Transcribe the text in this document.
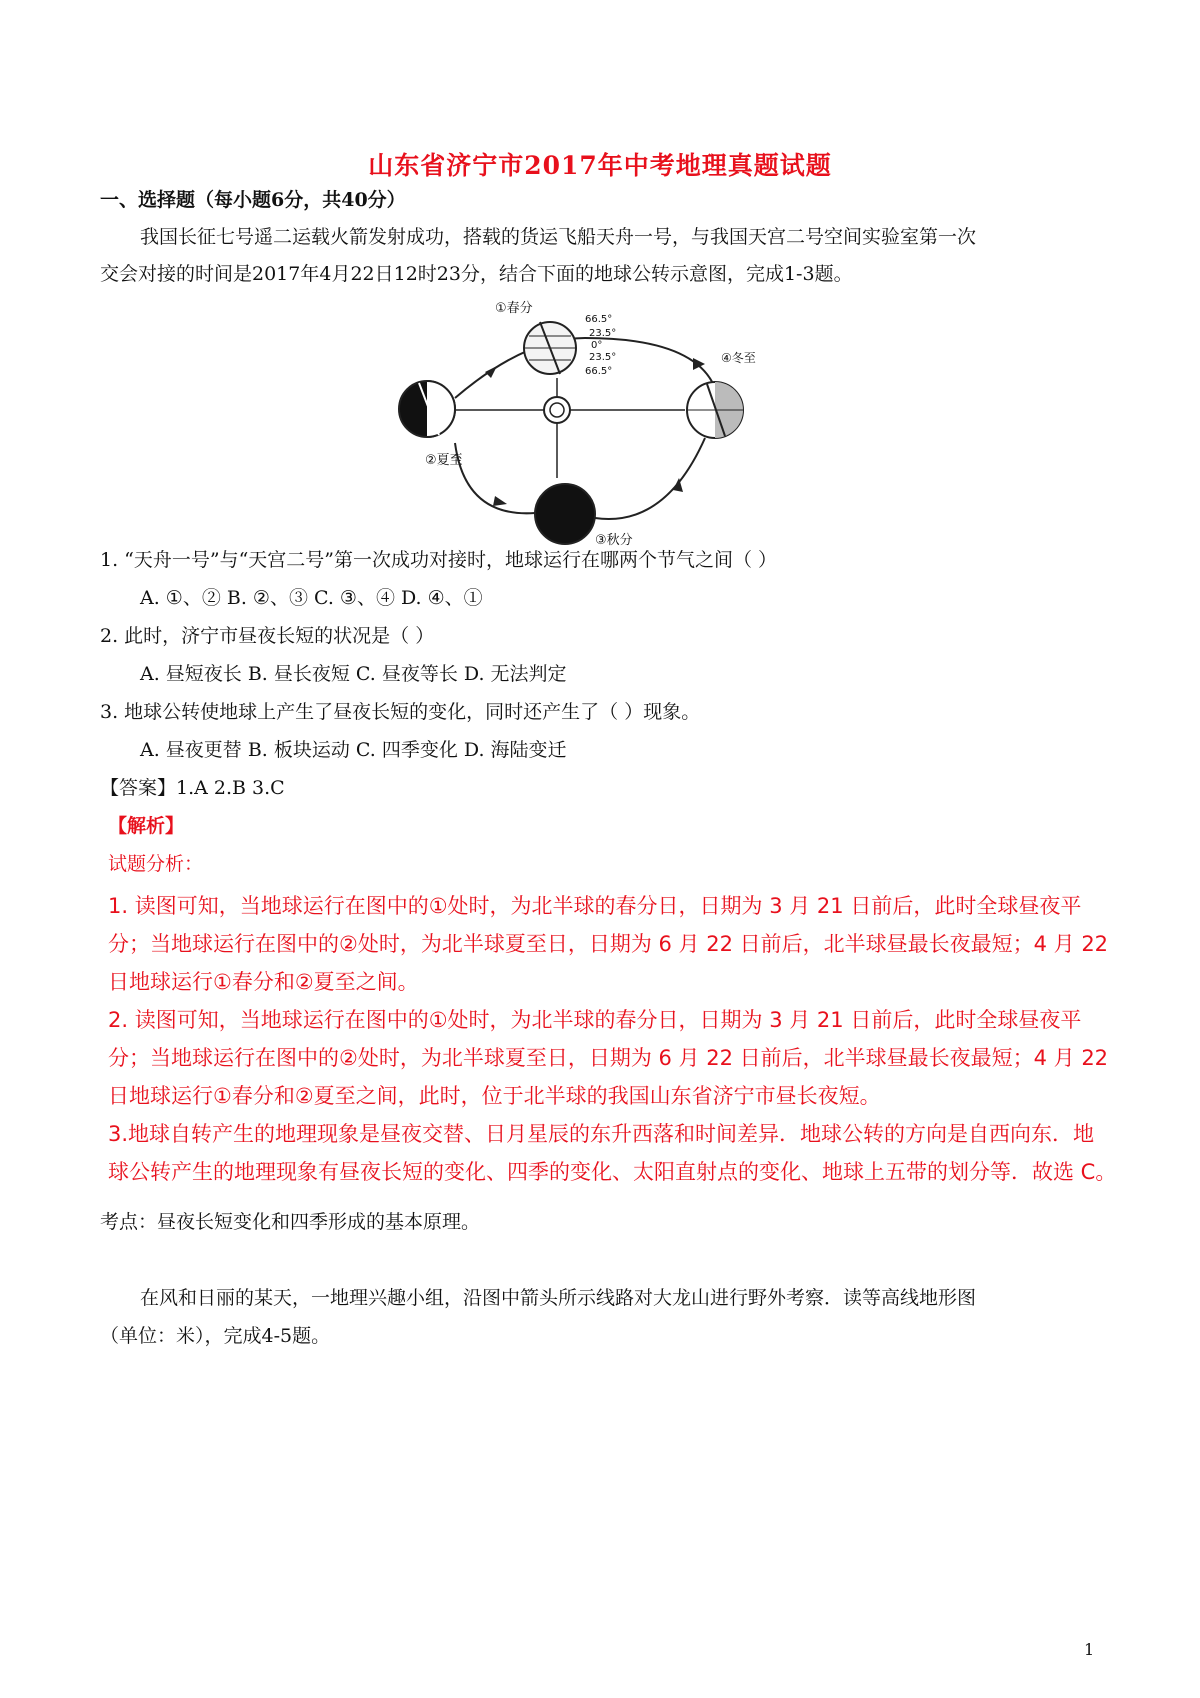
山东省济宁市2017年中考地理真题试题
一、选择题（每小题6分，共40分）
我国长征七号遥二运载火箭发射成功，搭载的货运飞船天舟一号，与我国天宫二号空间实验室第一次
交会对接的时间是2017年4月22日12时23分，结合下面的地球公转示意图，完成1-3题。
①春分
②夏至
③秋分
④冬至
66.5°
23.5°
0°
23.5°
66.5°
1. “天舟一号”与“天宫二号”第一次成功对接时，地球运行在哪两个节气之间（ ）
A. ①、② B. ②、③ C. ③、④ D. ④、①
2. 此时，济宁市昼夜长短的状况是（ ）
A. 昼短夜长 B. 昼长夜短 C. 昼夜等长 D. 无法判定
3. 地球公转使地球上产生了昼夜长短的变化，同时还产生了（ ）现象。
A. 昼夜更替 B. 板块运动 C. 四季变化 D. 海陆变迁
【答案】1.A 2.B 3.C
【解析】
试题分析：
1. 读图可知，当地球运行在图中的①处时，为北半球的春分日，日期为 3 月 21 日前后，此时全球昼夜平
分；当地球运行在图中的②处时，为北半球夏至日，日期为 6 月 22 日前后，北半球昼最长夜最短；4 月 22
日地球运行①春分和②夏至之间。
2. 读图可知，当地球运行在图中的①处时，为北半球的春分日，日期为 3 月 21 日前后，此时全球昼夜平
分；当地球运行在图中的②处时，为北半球夏至日，日期为 6 月 22 日前后，北半球昼最长夜最短；4 月 22
日地球运行①春分和②夏至之间，此时，位于北半球的我国山东省济宁市昼长夜短。
3.地球自转产生的地理现象是昼夜交替、日月星辰的东升西落和时间差异．地球公转的方向是自西向东．地
球公转产生的地理现象有昼夜长短的变化、四季的变化、太阳直射点的变化、地球上五带的划分等．故选 C。
考点：昼夜长短变化和四季形成的基本原理。
在风和日丽的某天，一地理兴趣小组，沿图中箭头所示线路对大龙山进行野外考察．读等高线地形图
（单位：米），完成4-5题。
1
